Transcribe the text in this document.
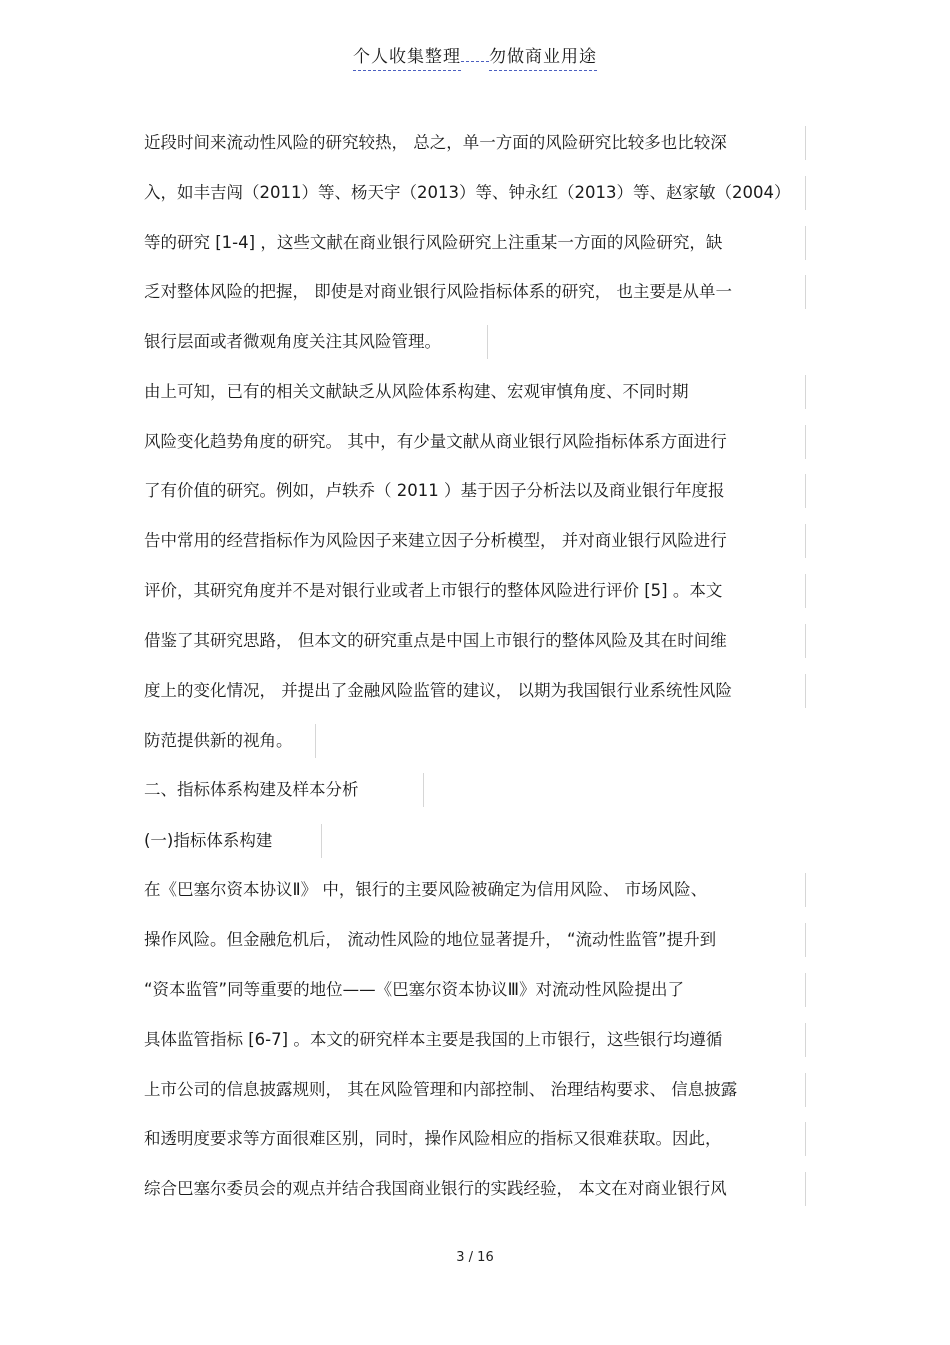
个人收集整理 勿做商业用途
近段时间来流动性风险的研究较热， 总之，单一方面的风险研究比较多也比较深
入，如丰吉闯（2011）等、杨天宇（2013）等、钟永红（2013）等、赵家敏（2004）
等的研究 [1-4] ，这些文献在商业银行风险研究上注重某一方面的风险研究，缺
乏对整体风险的把握， 即使是对商业银行风险指标体系的研究， 也主要是从单一
银行层面或者微观角度关注其风险管理。
由上可知，已有的相关文献缺乏从风险体系构建、宏观审慎角度、不同时期
风险变化趋势角度的研究。 其中，有少量文献从商业银行风险指标体系方面进行
了有价值的研究。例如，卢轶乔（ 2011 ）基于因子分析法以及商业银行年度报
告中常用的经营指标作为风险因子来建立因子分析模型， 并对商业银行风险进行
评价，其研究角度并不是对银行业或者上市银行的整体风险进行评价 [5] 。本文
借鉴了其研究思路， 但本文的研究重点是中国上市银行的整体风险及其在时间维
度上的变化情况， 并提出了金融风险监管的建议， 以期为我国银行业系统性风险
防范提供新的视角。
二、指标体系构建及样本分析
(一)指标体系构建
在《巴塞尔资本协议Ⅱ》 中，银行的主要风险被确定为信用风险、 市场风险、
操作风险。但金融危机后， 流动性风险的地位显著提升， “流动性监管”提升到
“资本监管”同等重要的地位——《巴塞尔资本协议Ⅲ》对流动性风险提出了
具体监管指标 [6-7] 。本文的研究样本主要是我国的上市银行，这些银行均遵循
上市公司的信息披露规则， 其在风险管理和内部控制、 治理结构要求、 信息披露
和透明度要求等方面很难区别，同时，操作风险相应的指标又很难获取。因此，
综合巴塞尔委员会的观点并结合我国商业银行的实践经验， 本文在对商业银行风
3 / 16
